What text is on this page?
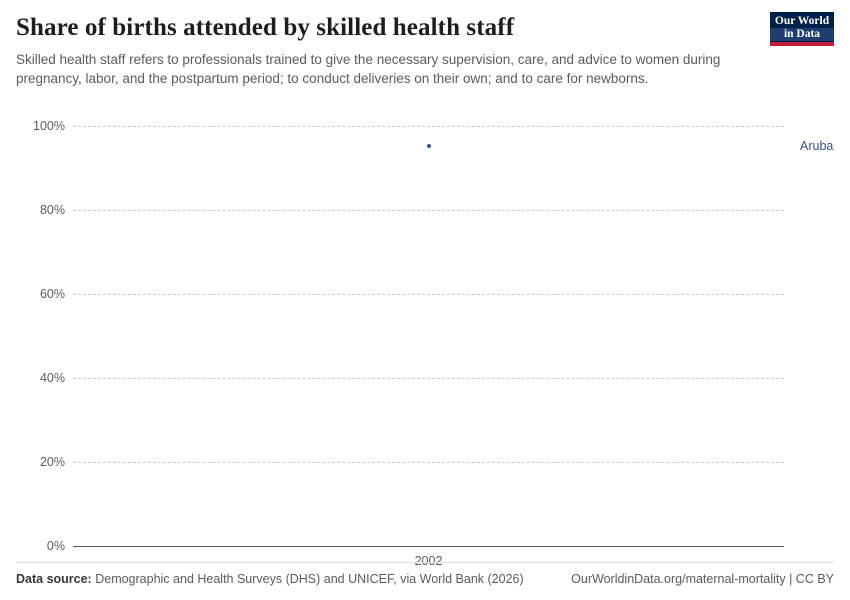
Share of births attended by skilled health staff

Skilled health staff refers to professionals trained to give the necessary supervision, care, and advice to women during pregnancy, labor, and the postpartum period; to conduct deliveries on their own; and to care for newborns.

Our World
in Data
0%
20%
40%
60%
80%
100%
2002
Aruba
Data source: Demographic and Health Surveys (DHS) and UNICEF, via World Bank (2026)	OurWorldinData.org/maternal-mortality | CC BY
